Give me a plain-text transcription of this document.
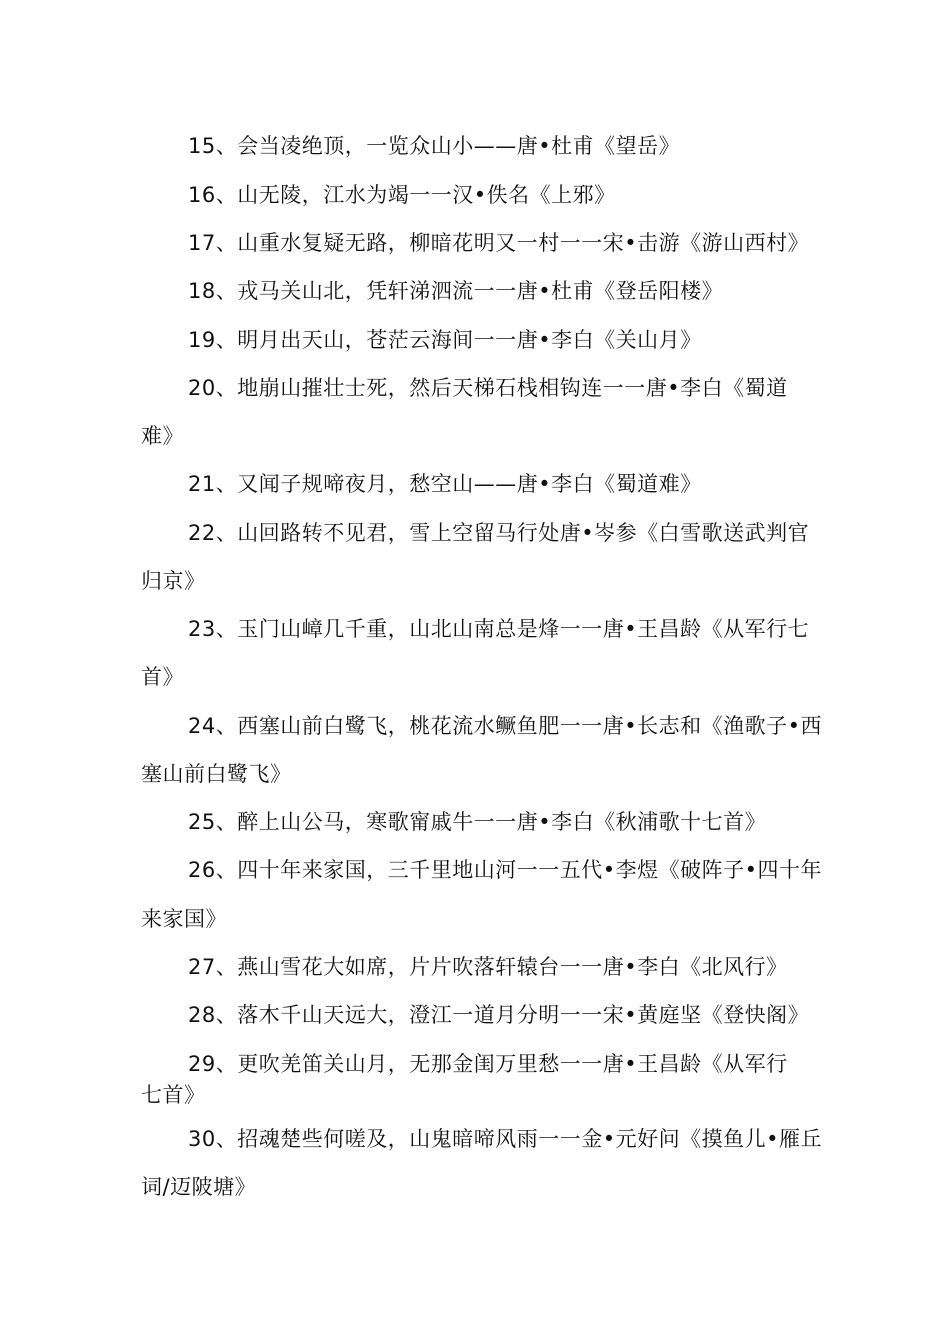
15、会当凌绝顶，一览众山小——唐•杜甫《望岳》
16、山无陵，江水为竭一一汉•佚名《上邪》
17、山重水复疑无路，柳暗花明又一村一一宋•击游《游山西村》
18、戎马关山北，凭轩涕泗流一一唐•杜甫《登岳阳楼》
19、明月出天山，苍茫云海间一一唐•李白《关山月》
20、地崩山摧壮士死，然后天梯石栈相钩连一一唐•李白《蜀道
难》
21、又闻子规啼夜月，愁空山——唐•李白《蜀道难》
22、山回路转不见君，雪上空留马行处唐•岑参《白雪歌送武判官
归京》
23、玉门山嶂几千重，山北山南总是烽一一唐•王昌龄《从军行七
首》
24、西塞山前白鹭飞，桃花流水鳜鱼肥一一唐•长志和《渔歌子•西
塞山前白鹭飞》
25、醉上山公马，寒歌甯戚牛一一唐•李白《秋浦歌十七首》
26、四十年来家国，三千里地山河一一五代•李煜《破阵子•四十年
来家国》
27、燕山雪花大如席，片片吹落轩辕台一一唐•李白《北风行》
28、落木千山天远大，澄江一道月分明一一宋•黄庭坚《登快阁》
29、更吹羌笛关山月，无那金闺万里愁一一唐•王昌龄《从军行
七首》
30、招魂楚些何嗟及，山鬼暗啼风雨一一金•元好问《摸鱼儿•雁丘
词/迈陂塘》
